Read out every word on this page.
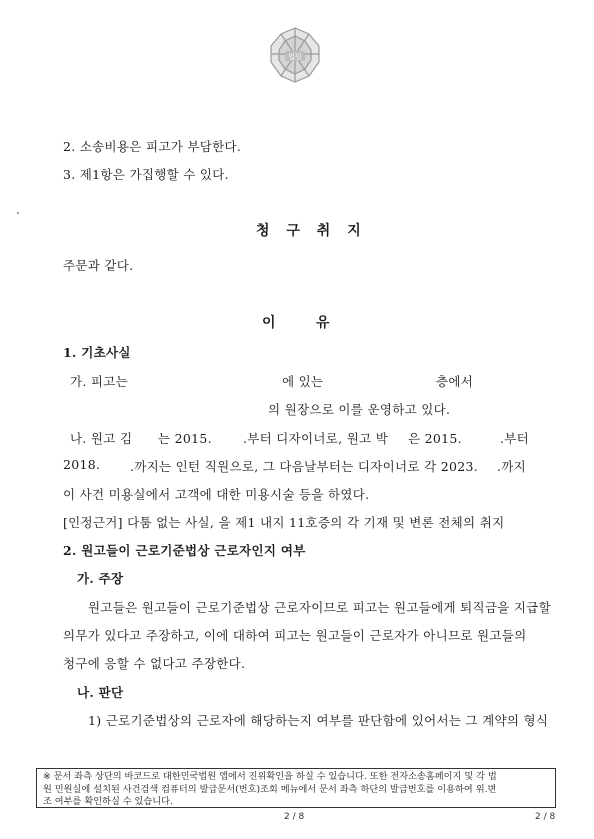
법원
2. 소송비용은 피고가 부담한다.
3. 제1항은 가집행할 수 있다.
청 구 취 지
주문과 같다.
이 유
1. 기초사실
가. 피고는	에 있는	층에서
의 원장으로 이를 운영하고 있다.
나. 원고 김 는 2015. .부터 디자이너로, 원고 박 은 2015.	.부터
2018. .까지는 인턴 직원으로, 그 다음날부터는 디자이너로 각 2023. .까지
이 사건 미용실에서 고객에 대한 미용시술 등을 하였다.
[인정근거] 다툼 없는 사실, 을 제1 내지 11호증의 각 기재 및 변론 전체의 취지
2. 원고들이 근로기준법상 근로자인지 여부
가. 주장
원고들은 원고들이 근로기준법상 근로자이므로 피고는 원고들에게 퇴직금을 지급할
의무가 있다고 주장하고, 이에 대하여 피고는 원고들이 근로자가 아니므로 원고들의
청구에 응할 수 없다고 주장한다.
나. 판단
1) 근로기준법상의 근로자에 해당하는지 여부를 판단함에 있어서는 그 계약의 형식
※ 문서 좌측 상단의 바코드로 대한민국법원 앱에서 진위확인을 하실 수 있습니다. 또한 전자소송홈페이지 및 각 법
원 민원실에 설치된 사건검색 컴퓨터의 발급문서(번호)조회 메뉴에서 문서 좌측 하단의 발급번호를 이용하여 위.변
조 여부를 확인하실 수 있습니다.
2 / 8	2 / 8
